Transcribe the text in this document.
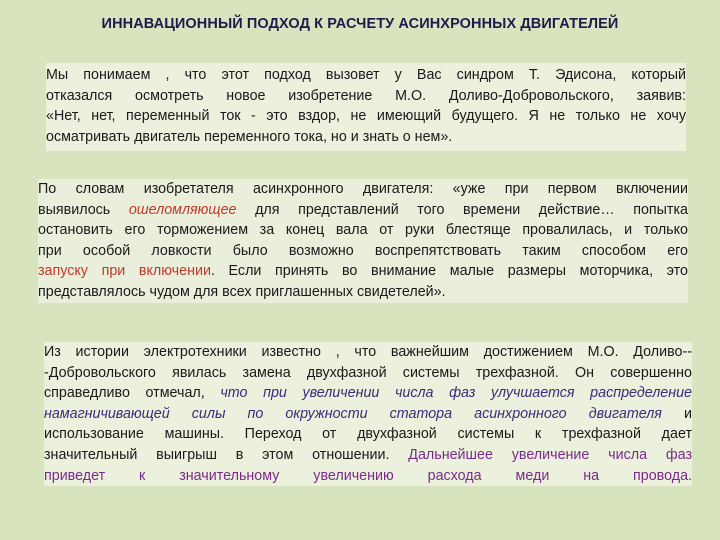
ИННАВАЦИОННЫЙ ПОДХОД К РАСЧЕТУ АСИНХРОННЫХ ДВИГАТЕЛЕЙ
Мы понимаем , что этот подход вызовет у Вас синдром Т. Эдисона, который
отказался осмотреть новое изобретение М.О. Доливо-Добровольского, заявив:
«Нет, нет, переменный ток - это вздор, не имеющий будущего. Я не только не хочу
осматривать двигатель переменного тока, но и знать о нем».
По словам изобретателя асинхронного двигателя: «уже при первом включении
выявилось ошеломляющее для представлений того времени действие… попытка
остановить его торможением за конец вала от руки блестяще провалилась, и только
при особой ловкости было возможно воспрепятствовать таким способом его
запуску при включении. Если принять во внимание малые размеры моторчика, это
представлялось чудом для всех приглашенных свидетелей».
Из истории электротехники известно , что важнейшим достижением М.О. Доливо--
-Добровольского явилась замена двухфазной системы трехфазной. Он совершенно
справедливо отмечал, что при увеличении числа фаз улучшается распределение
намагничивающей силы по окружности статора асинхронного двигателя и
использование машины. Переход от двухфазной системы к трехфазной дает
значительный выигрыш в этом отношении. Дальнейшее увеличение числа фаз
приведет к значительному увеличению расхода меди на провода.
